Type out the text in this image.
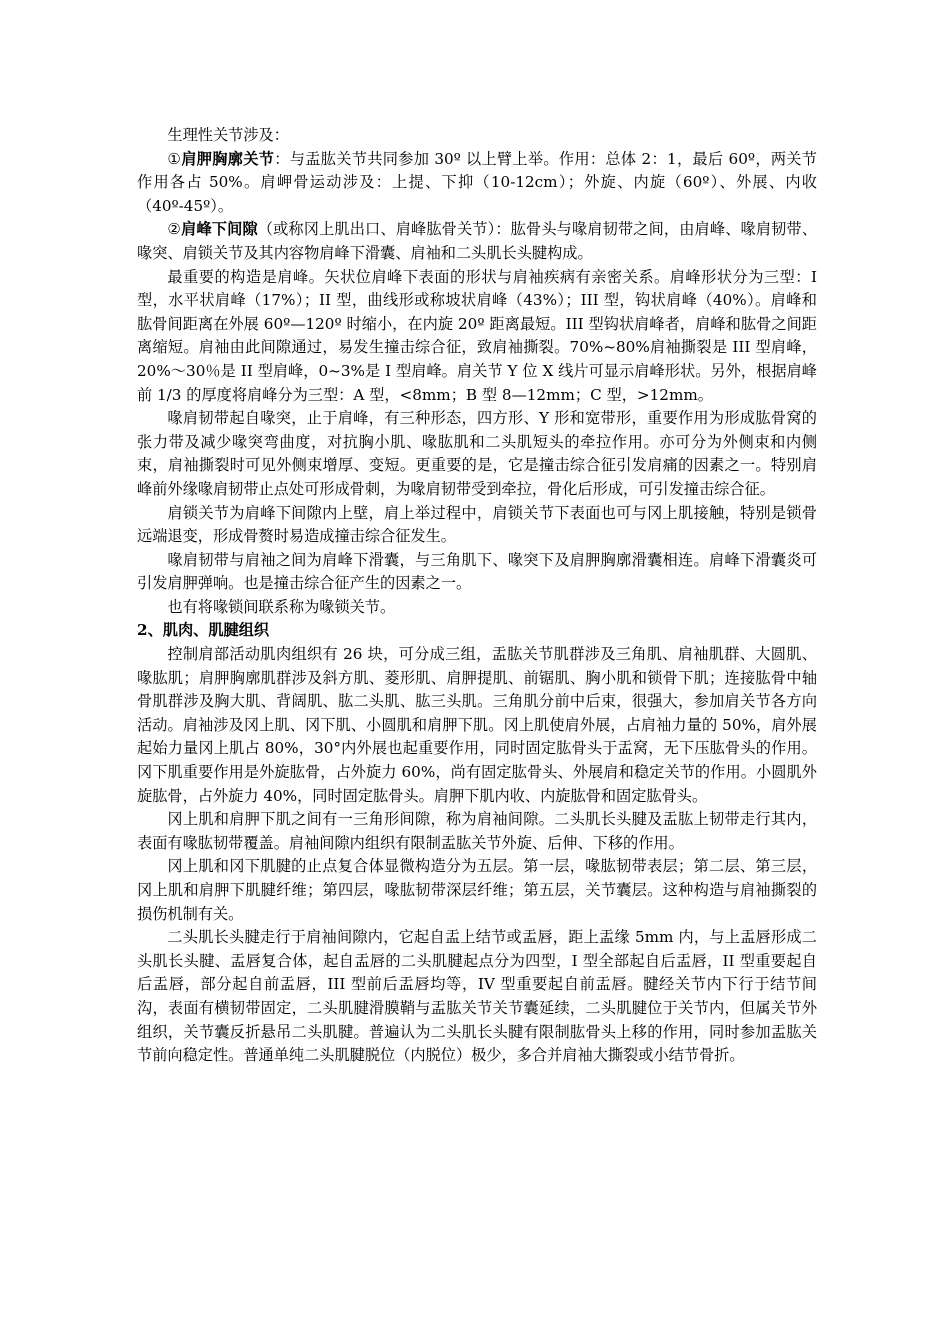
生理性关节涉及：

①肩胛胸廓关节：与盂肱关节共同参加 30º 以上臂上举。作用：总体 2：1，最后 60º，两关节作用各占 50%。肩岬骨运动涉及：上提、下抑（10-12cm）；外旋、内旋（60º）、外展、内收（40º-45º）。

②肩峰下间隙（或称冈上肌出口、肩峰肱骨关节）：肱骨头与喙肩韧带之间，由肩峰、喙肩韧带、喙突、肩锁关节及其内容物肩峰下滑囊、肩袖和二头肌长头腱构成。

最重要的构造是肩峰。矢状位肩峰下表面的形状与肩袖疾病有亲密关系。肩峰形状分为三型：I 型，水平状肩峰（17%）；II 型，曲线形或称坡状肩峰（43%）；III 型，钩状肩峰（40%）。肩峰和肱骨间距离在外展 60º—120º 时缩小，在内旋 20º 距离最短。III 型钩状肩峰者，肩峰和肱骨之间距离缩短。肩袖由此间隙通过，易发生撞击综合征，致肩袖撕裂。70%~80%肩袖撕裂是 III 型肩峰，20%～30％是 II 型肩峰，0~3%是 I 型肩峰。肩关节 Y 位 X 线片可显示肩峰形状。另外，根据肩峰前 1/3 的厚度将肩峰分为三型：A 型，<8mm；B 型 8—12mm；C 型，>12mm。

喙肩韧带起自喙突，止于肩峰，有三种形态，四方形、Y 形和宽带形，重要作用为形成肱骨窝的张力带及减少喙突弯曲度，对抗胸小肌、喙肱肌和二头肌短头的牵拉作用。亦可分为外侧束和内侧束，肩袖撕裂时可见外侧束增厚、变短。更重要的是，它是撞击综合征引发肩痛的因素之一。特别肩峰前外缘喙肩韧带止点处可形成骨刺，为喙肩韧带受到牵拉，骨化后形成，可引发撞击综合征。

肩锁关节为肩峰下间隙内上壁，肩上举过程中，肩锁关节下表面也可与冈上肌接触，特别是锁骨远端退变，形成骨赘时易造成撞击综合征发生。

喙肩韧带与肩袖之间为肩峰下滑囊，与三角肌下、喙突下及肩胛胸廓滑囊相连。肩峰下滑囊炎可引发肩胛弹响。也是撞击综合征产生的因素之一。

也有将喙锁间联系称为喙锁关节。

2、肌肉、肌腱组织

控制肩部活动肌肉组织有 26 块，可分成三组，盂肱关节肌群涉及三角肌、肩袖肌群、大圆肌、喙肱肌；肩胛胸廓肌群涉及斜方肌、菱形肌、肩胛提肌、前锯肌、胸小肌和锁骨下肌；连接肱骨中轴骨肌群涉及胸大肌、背阔肌、肱二头肌、肱三头肌。三角肌分前中后束，很强大，参加肩关节各方向活动。肩袖涉及冈上肌、冈下肌、小圆肌和肩胛下肌。冈上肌使肩外展，占肩袖力量的 50%，肩外展起始力量冈上肌占 80%，30°内外展也起重要作用，同时固定肱骨头于盂窝，无下压肱骨头的作用。冈下肌重要作用是外旋肱骨，占外旋力 60%，尚有固定肱骨头、外展肩和稳定关节的作用。小圆肌外旋肱骨，占外旋力 40%，同时固定肱骨头。肩胛下肌内收、内旋肱骨和固定肱骨头。

冈上肌和肩胛下肌之间有一三角形间隙，称为肩袖间隙。二头肌长头腱及盂肱上韧带走行其内，表面有喙肱韧带覆盖。肩袖间隙内组织有限制盂肱关节外旋、后伸、下移的作用。

冈上肌和冈下肌腱的止点复合体显微构造分为五层。第一层，喙肱韧带表层；第二层、第三层，冈上肌和肩胛下肌腱纤维；第四层，喙肱韧带深层纤维；第五层，关节囊层。这种构造与肩袖撕裂的损伤机制有关。

二头肌长头腱走行于肩袖间隙内，它起自盂上结节或盂唇，距上盂缘 5mm 内，与上盂唇形成二头肌长头腱、盂唇复合体，起自盂唇的二头肌腱起点分为四型，I 型全部起自后盂唇，II 型重要起自后盂唇，部分起自前盂唇，III 型前后盂唇均等，IV 型重要起自前盂唇。腱经关节内下行于结节间沟，表面有横韧带固定，二头肌腱滑膜鞘与盂肱关节关节囊延续，二头肌腱位于关节内，但属关节外组织，关节囊反折悬吊二头肌腱。普遍认为二头肌长头腱有限制肱骨头上移的作用，同时参加盂肱关节前向稳定性。普通单纯二头肌腱脱位（内脱位）极少，多合并肩袖大撕裂或小结节骨折。
